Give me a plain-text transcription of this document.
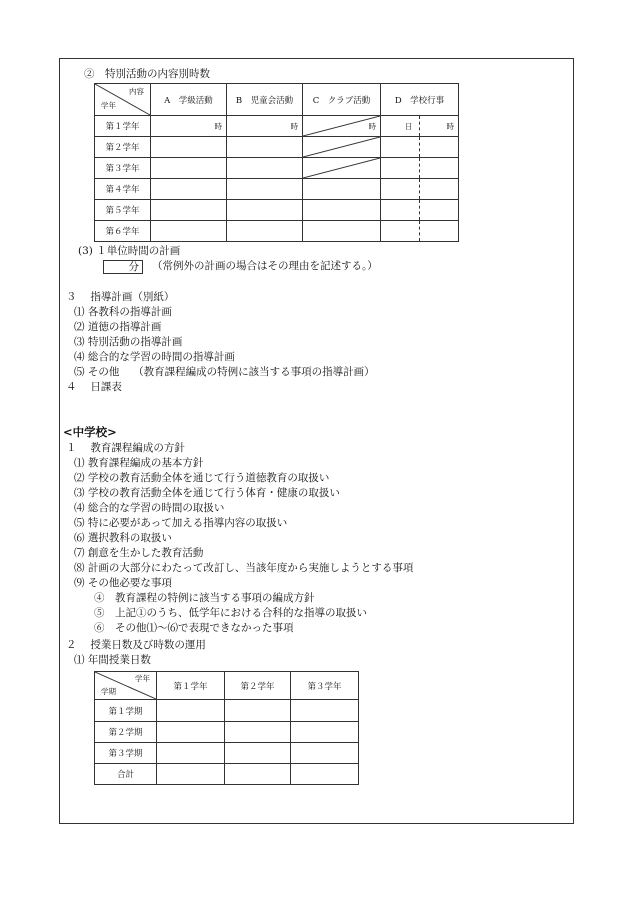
②　特別活動の内容別時数
内容
学年	A　学級活動	B　児童会活動	C　クラブ活動	D　学校行事
第１学年	時	時	時	日 時

第２学年			

第３学年			

第４学年				

第５学年				

第６学年				
(3) １単位時間の計画
分 （常例外の計画の場合はその理由を記述する。）
３　 指導計画（別紙）
⑴ 各教科の指導計画
⑵ 道徳の指導計画
⑶ 特別活動の指導計画
⑷ 総合的な学習の時間の指導計画
⑸ その他　 （教育課程編成の特例に該当する事項の指導計画）
４　 日課表
<中学校>
１　 教育課程編成の方針
⑴ 教育課程編成の基本方針
⑵ 学校の教育活動全体を通じて行う道徳教育の取扱い
⑶ 学校の教育活動全体を通じて行う体育・健康の取扱い
⑷ 総合的な学習の時間の取扱い
⑸ 特に必要があって加える指導内容の取扱い
⑹ 選択教科の取扱い
⑺ 創意を生かした教育活動
⑻ 計画の大部分にわたって改訂し、当該年度から実施しようとする事項
⑼ その他必要な事項
④　教育課程の特例に該当する事項の編成方針
⑤　上記①のうち、低学年における合科的な指導の取扱い
⑥　その他⑴～⑹で表現できなかった事項
２　 授業日数及び時数の運用
⑴ 年間授業日数
学年
学期	第１学年	第２学年	第３学年
第１学期			
第２学期			
第３学期			
合計			
